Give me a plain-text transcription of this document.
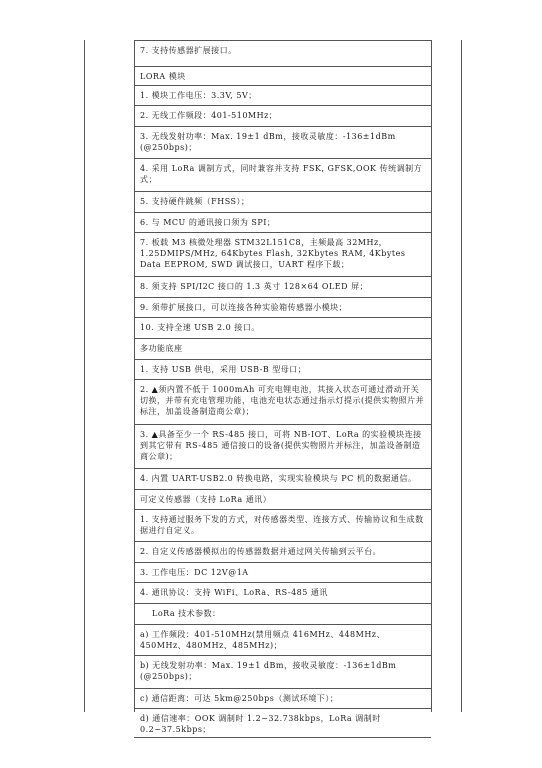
7. 支持传感器扩展接口。
LORA 模块
1. 模块工作电压：3.3V, 5V；
2. 无线工作频段：401-510MHz；
3. 无线发射功率：Max. 19±1 dBm，接收灵敏度：-136±1dBm (@250bps)；
4. 采用 LoRa 调制方式，同时兼容并支持 FSK, GFSK,OOK 传统调制方式；
5. 支持硬件跳频（FHSS）；
6. 与 MCU 的通讯接口须为 SPI；
7. 板载 M3 核微处理器 STM32L151C8，主频最高 32MHz，1.25DMIPS/MHz, 64Kbytes Flash, 32Kbytes RAM, 4Kbytes Data EEPROM, SWD 调试接口，UART 程序下载；
8. 须支持 SPI/I2C 接口的 1.3 英寸 128×64 OLED 屏；
9. 须带扩展接口，可以连接各种实验箱传感器小模块；
10. 支持全速 USB 2.0 接口。
多功能底座
1. 支持 USB 供电，采用 USB-B 型母口；
2. ▲须内置不低于 1000mAh 可充电锂电池，其接入状态可通过滑动开关切换，并带有充电管理功能，电池充电状态通过指示灯提示(提供实物照片并标注，加盖设备制造商公章)；
3. ▲具备至少一个 RS-485 接口，可将 NB-IOT、LoRa 的实验模块连接到其它带有 RS-485 通信接口的设备(提供实物照片并标注，加盖设备制造商公章)；
4. 内置 UART-USB2.0 转换电路，实现实验模块与 PC 机的数据通信。
可定义传感器（支持 LoRa 通讯）
1. 支持通过服务下发的方式，对传感器类型、连接方式、传输协议和生成数据进行自定义。
2. 自定义传感器模拟出的传感器数据并通过网关传输到云平台。
3. 工作电压：DC 12V@1A
4. 通讯协议：支持 WiFi、LoRa、RS-485 通讯
LoRa 技术参数：
a) 工作频段：401-510MHz(禁用频点 416MHz、448MHz、450MHz、480MHz、485MHz)；
b) 无线发射功率：Max. 19±1 dBm，接收灵敏度：-136±1dBm (@250bps)；
c) 通信距离：可达 5km@250bps（测试环境下）；
d) 通信速率：OOK 调制时 1.2~32.738kbps，LoRa 调制时 0.2~37.5kbps；
